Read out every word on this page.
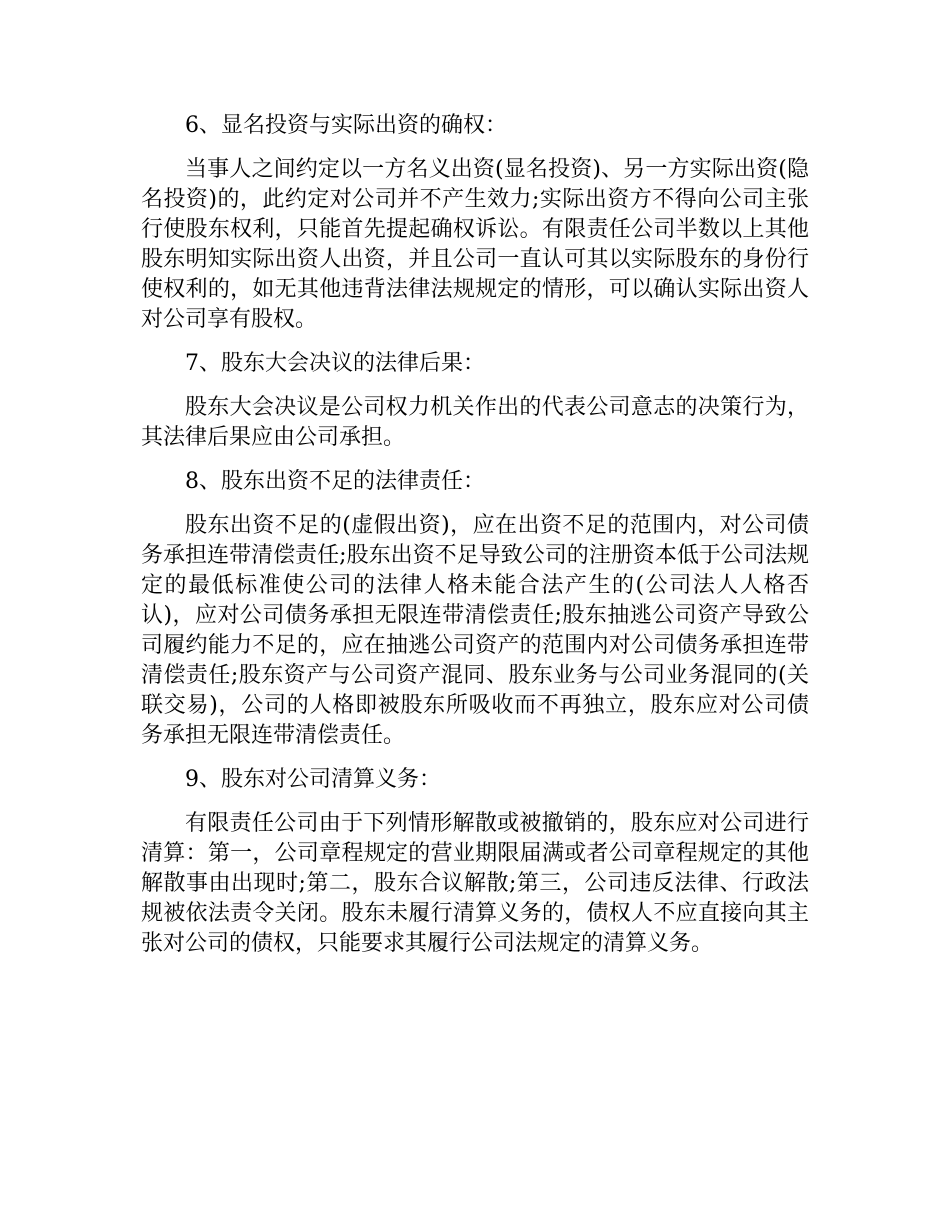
6、显名投资与实际出资的确权：

当事人之间约定以一方名义出资(显名投资)、另一方实际出资(隐名投资)的，此约定对公司并不产生效力;实际出资方不得向公司主张行使股东权利，只能首先提起确权诉讼。有限责任公司半数以上其他股东明知实际出资人出资，并且公司一直认可其以实际股东的身份行使权利的，如无其他违背法律法规规定的情形，可以确认实际出资人对公司享有股权。

7、股东大会决议的法律后果：

股东大会决议是公司权力机关作出的代表公司意志的决策行为，其法律后果应由公司承担。

8、股东出资不足的法律责任：

股东出资不足的(虚假出资)，应在出资不足的范围内，对公司债务承担连带清偿责任;股东出资不足导致公司的注册资本低于公司法规定的最低标准使公司的法律人格未能合法产生的(公司法人人格否认)，应对公司债务承担无限连带清偿责任;股东抽逃公司资产导致公司履约能力不足的，应在抽逃公司资产的范围内对公司债务承担连带清偿责任;股东资产与公司资产混同、股东业务与公司业务混同的(关联交易)，公司的人格即被股东所吸收而不再独立，股东应对公司债务承担无限连带清偿责任。

9、股东对公司清算义务：

有限责任公司由于下列情形解散或被撤销的，股东应对公司进行清算：第一，公司章程规定的营业期限届满或者公司章程规定的其他解散事由出现时;第二，股东合议解散;第三，公司违反法律、行政法规被依法责令关闭。股东未履行清算义务的，债权人不应直接向其主张对公司的债权，只能要求其履行公司法规定的清算义务。
